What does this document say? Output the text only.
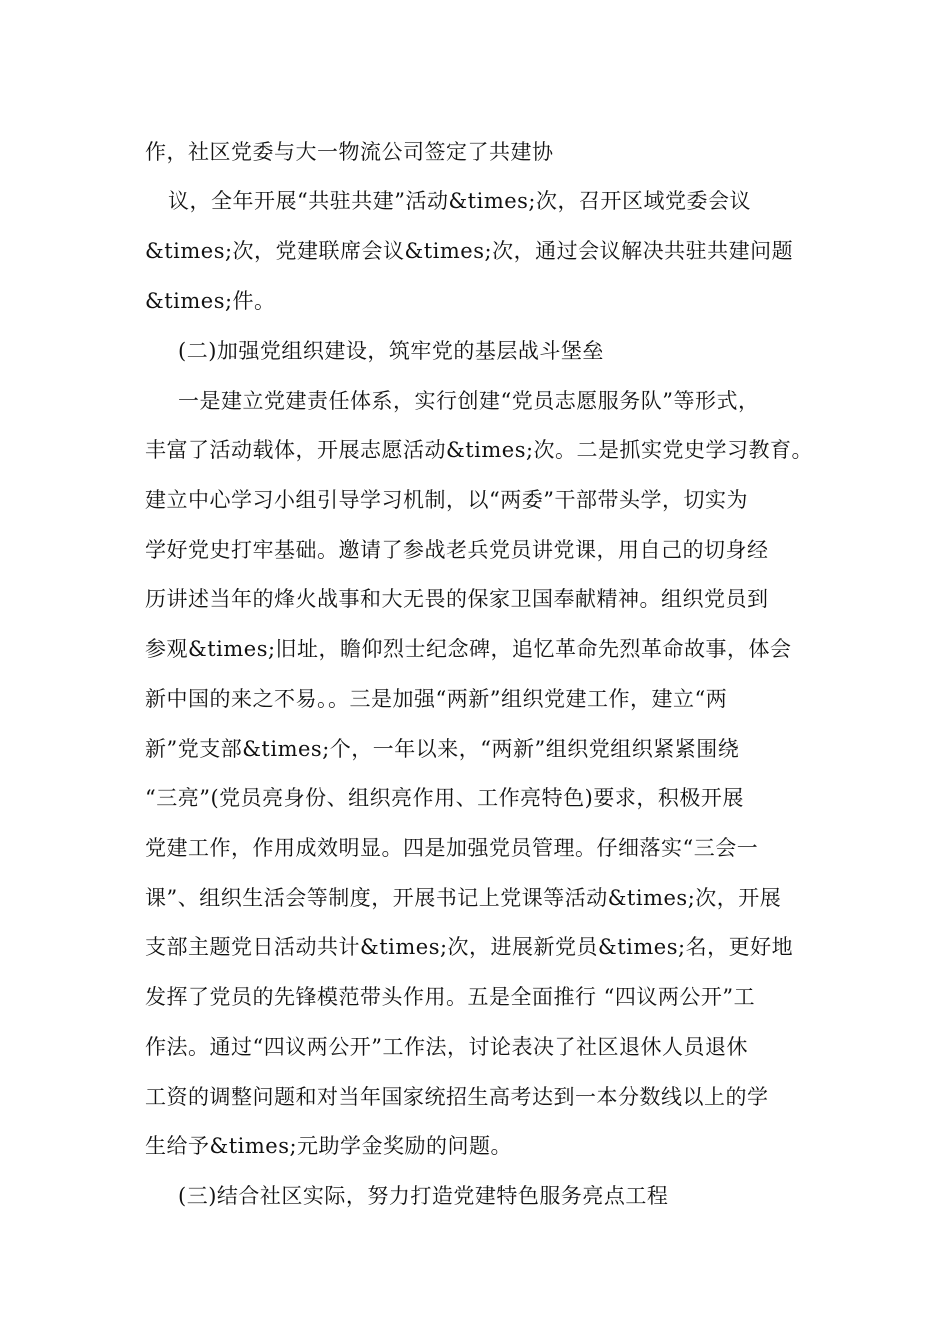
作，社区党委与大一物流公司签定了共建协
议，全年开展“共驻共建”活动&times;次，召开区域党委会议
&times;次，党建联席会议&times;次，通过会议解决共驻共建问题
&times;件。
(二)加强党组织建设，筑牢党的基层战斗堡垒
一是建立党建责任体系，实行创建“党员志愿服务队”等形式，
丰富了活动载体，开展志愿活动&times;次。二是抓实党史学习教育。
建立中心学习小组引导学习机制，以“两委”干部带头学，切实为
学好党史打牢基础。邀请了参战老兵党员讲党课，用自己的切身经
历讲述当年的烽火战事和大无畏的保家卫国奉献精神。组织党员到
参观&times;旧址，瞻仰烈士纪念碑，追忆革命先烈革命故事，体会
新中国的来之不易。。三是加强“两新”组织党建工作，建立“两
新”党支部&times;个，一年以来，“两新”组织党组织紧紧围绕
“三亮”(党员亮身份、组织亮作用、工作亮特色)要求，积极开展
党建工作，作用成效明显。四是加强党员管理。仔细落实“三会一
课”、组织生活会等制度，开展书记上党课等活动&times;次，开展
支部主题党日活动共计&times;次，进展新党员&times;名，更好地
发挥了党员的先锋模范带头作用。五是全面推行 “四议两公开”工
作法。通过“四议两公开”工作法，讨论表决了社区退休人员退休
工资的调整问题和对当年国家统招生高考达到一本分数线以上的学
生给予&times;元助学金奖励的问题。
(三)结合社区实际，努力打造党建特色服务亮点工程
